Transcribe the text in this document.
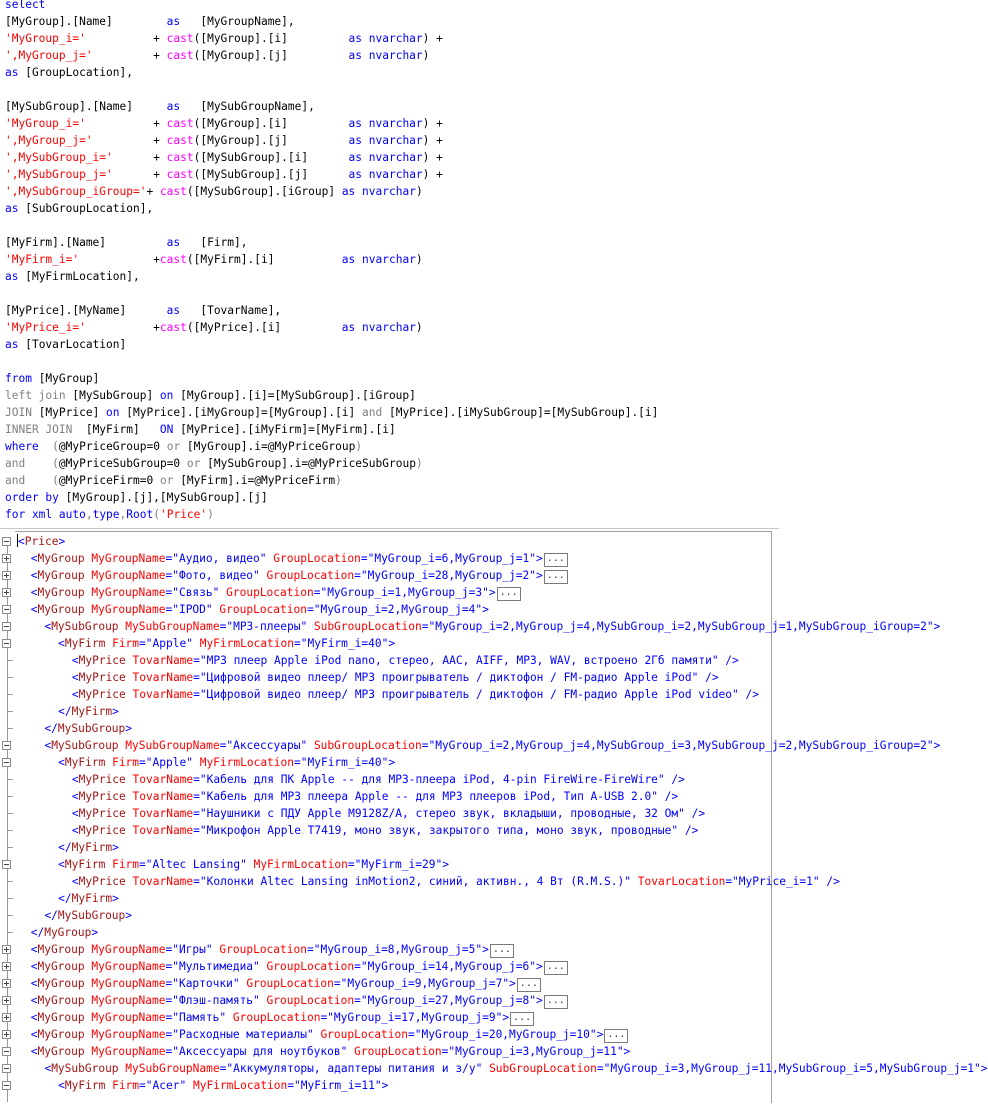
select
[MyGroup].[Name]        as   [MyGroupName],
'MyGroup_i='          + cast([MyGroup].[i]         as nvarchar) +
',MyGroup_j='         + cast([MyGroup].[j]         as nvarchar)
as [GroupLocation],
[MySubGroup].[Name]     as   [MySubGroupName],
'MyGroup_i='          + cast([MyGroup].[i]         as nvarchar) +
',MyGroup_j='         + cast([MyGroup].[j]         as nvarchar) +
',MySubGroup_i='      + cast([MySubGroup].[i]      as nvarchar) +
',MySubGroup_j='      + cast([MySubGroup].[j]      as nvarchar) +
',MySubGroup_iGroup='+ cast([MySubGroup].[iGroup] as nvarchar)
as [SubGroupLocation],
[MyFirm].[Name]         as   [Firm],
'MyFirm_i='           +cast([MyFirm].[i]          as nvarchar)
as [MyFirmLocation],
[MyPrice].[MyName]      as   [TovarName],
'MyPrice_i='          +cast([MyPrice].[i]         as nvarchar)
as [TovarLocation]
from [MyGroup]
left join [MySubGroup] on [MyGroup].[i]=[MySubGroup].[iGroup]
JOIN [MyPrice] on [MyPrice].[iMyGroup]=[MyGroup].[i] and [MyPrice].[iMySubGroup]=[MySubGroup].[i]
INNER JOIN  [MyFirm]   ON [MyPrice].[iMyFirm]=[MyFirm].[i]
where (@MyPriceGroup=0 or [MyGroup].i=@MyPriceGroup)
and (@MyPriceSubGroup=0 or [MySubGroup].i=@MyPriceSubGroup)
and (@MyPriceFirm=0 or [MyFirm].i=@MyPriceFirm)
order by [MyGroup].[j],[MySubGroup].[j]
for xml auto,type,Root('Price')
<Price>
<MyGroup MyGroupName="Аудио, видео" GroupLocation="MyGroup_i=6,MyGroup_j=1"> ...
<MyGroup MyGroupName="Фото, видео" GroupLocation="MyGroup_i=28,MyGroup_j=2"> ...
<MyGroup MyGroupName="Связь" GroupLocation="MyGroup_i=1,MyGroup_j=3"> ...
<MyGroup MyGroupName="IPOD" GroupLocation="MyGroup_i=2,MyGroup_j=4">
<MySubGroup MySubGroupName="MP3-плееры" SubGroupLocation="MyGroup_i=2,MyGroup_j=4,MySubGroup_i=2,MySubGroup_j=1,MySubGroup_iGroup=2">
<MyFirm Firm="Apple" MyFirmLocation="MyFirm_i=40">
<MyPrice TovarName="MP3 плеер Apple iPod nano, стерео, AAC, AIFF, MP3, WAV, встроено 2Гб памяти" />
<MyPrice TovarName="Цифровой видео плеер/ MP3 проигрыватель / диктофон / FM-радио Apple iPod" />
<MyPrice TovarName="Цифровой видео плеер/ MP3 проигрыватель / диктофон / FM-радио Apple iPod video" />
</MyFirm>
</MySubGroup>
<MySubGroup MySubGroupName="Аксессуары" SubGroupLocation="MyGroup_i=2,MyGroup_j=4,MySubGroup_i=3,MySubGroup_j=2,MySubGroup_iGroup=2">
<MyFirm Firm="Apple" MyFirmLocation="MyFirm_i=40">
<MyPrice TovarName="Кабель для ПК Apple -- для MP3-плеера iPod, 4-pin FireWire-FireWire" />
<MyPrice TovarName="Кабель для MP3 плеера Apple -- для MP3 плееров iPod, Тип A-USB 2.0" />
<MyPrice TovarName="Наушники с ПДУ Apple M9128Z/A, стерео звук, вкладыши, проводные, 32 Ом" />
<MyPrice TovarName="Микрофон Apple T7419, моно звук, закрытого типа, моно звук, проводные" />
</MyFirm>
<MyFirm Firm="Altec Lansing" MyFirmLocation="MyFirm_i=29">
<MyPrice TovarName="Колонки Altec Lansing inMotion2, синий, активн., 4 Вт (R.M.S.)" TovarLocation="MyPrice_i=1" />
</MyFirm>
</MySubGroup>
</MyGroup>
<MyGroup MyGroupName="Игры" GroupLocation="MyGroup_i=8,MyGroup_j=5"> ...
<MyGroup MyGroupName="Мультимедиа" GroupLocation="MyGroup_i=14,MyGroup_j=6"> ...
<MyGroup MyGroupName="Карточки" GroupLocation="MyGroup_i=9,MyGroup_j=7"> ...
<MyGroup MyGroupName="Флэш-память" GroupLocation="MyGroup_i=27,MyGroup_j=8"> ...
<MyGroup MyGroupName="Память" GroupLocation="MyGroup_i=17,MyGroup_j=9"> ...
<MyGroup MyGroupName="Расходные материалы" GroupLocation="MyGroup_i=20,MyGroup_j=10"> ...
<MyGroup MyGroupName="Аксессуары для ноутбуков" GroupLocation="MyGroup_i=3,MyGroup_j=11">
<MySubGroup MySubGroupName="Аккумуляторы, адаптеры питания и з/у" SubGroupLocation="MyGroup_i=3,MyGroup_j=11,MySubGroup_i=5,MySubGroup_j=1">
<MyFirm Firm="Acer" MyFirmLocation="MyFirm_i=11">
